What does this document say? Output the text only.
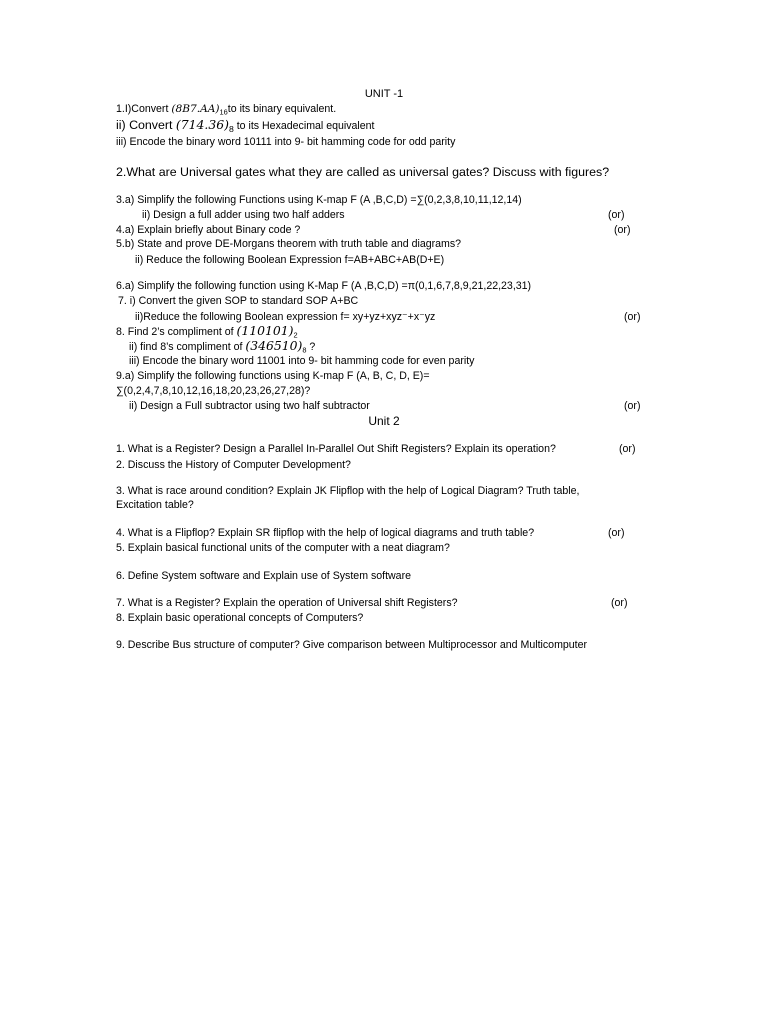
UNIT -1
1.I)Convert $(8B7.AA)_{16}to$ its binary equivalent.
ii) Convert $(714.36)_8$ to its Hexadecimal equivalent
iii) Encode the binary word 10111 into 9- bit hamming code for odd parity
2.What are Universal gates what they are called as universal gates? Discuss with figures?
3.a) Simplify the following Functions using K-map F (A ,B,C,D) =∑(0,2,3,8,10,11,12,14)
ii) Design a full adder using two half adders	(or)
4.a) Explain briefly about Binary code ?	(or)
5.b) State and prove DE-Morgans theorem with truth table and diagrams?
ii) Reduce the following Boolean Expression f=AB+ABC+AB(D+E)
6.a) Simplify the following function using K-Map F (A ,B,C,D) =π(0,1,6,7,8,9,21,22,23,31)
7. i) Convert the given SOP to standard SOP A+BC
ii)Reduce the following Boolean expression f= xy+yz+xyz⁻+x⁻yz	(or)
8. Find 2’s compliment of $(110101)_2$
ii) find 8’s compliment of $(346510)_8$ ?
iii) Encode the binary word 11001 into 9- bit hamming code for even parity
9.a) Simplify the following functions using K-map F (A, B, C, D, E)=
∑(0,2,4,7,8,10,12,16,18,20,23,26,27,28)?
ii) Design a Full subtractor using two half subtractor	(or)
Unit 2
1. What is a Register? Design a Parallel In-Parallel Out Shift Registers? Explain its operation?	(or)
2. Discuss the History of Computer Development?
3. What is race around condition? Explain JK Flipflop with the help of Logical Diagram? Truth table,
Excitation table?
4. What is a Flipflop? Explain SR flipflop with the help of logical diagrams and truth table?	(or)
5. Explain basical functional units of the computer with a neat diagram?
6. Define System software and Explain use of System software
7. What is a Register? Explain the operation of Universal shift Registers?	(or)
8. Explain basic operational concepts of Computers?
9. Describe Bus structure of computer? Give comparison between Multiprocessor and Multicomputer
